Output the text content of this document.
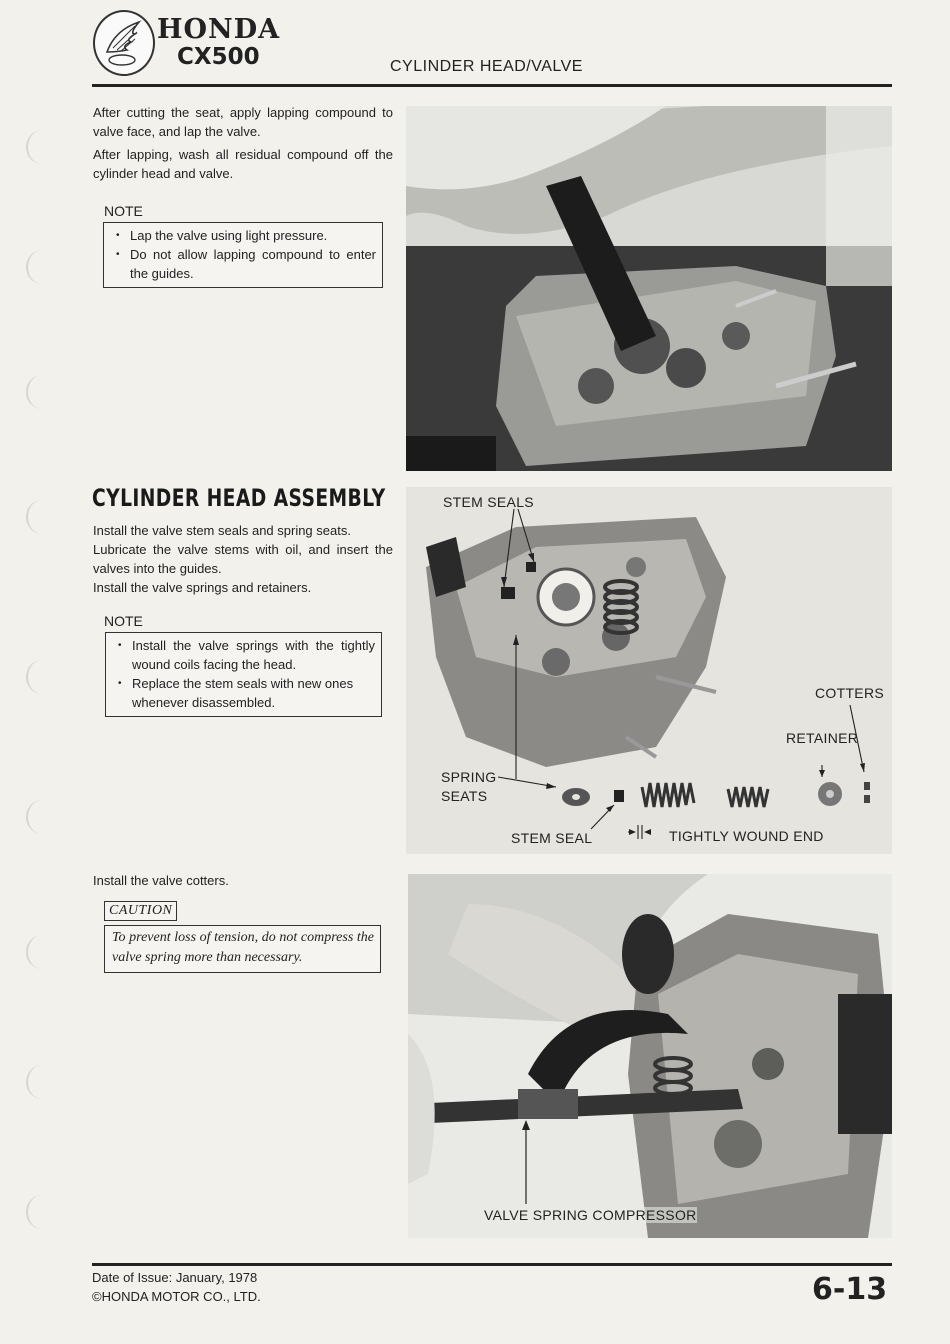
HONDA
CX500	CYLINDER HEAD/VALVE
After cutting the seat, apply lapping compound to valve face, and lap the valve.
After lapping, wash all residual compound off the cylinder head and valve.
NOTE
• Lap the valve using light pressure.
• Do not allow lapping compound to enter the guides.
CYLINDER HEAD ASSEMBLY
Install the valve stem seals and spring seats.
Lubricate the valve stems with oil, and insert the valves into the guides.
Install the valve springs and retainers.
NOTE
• Install the valve springs with the tightly wound coils facing the head.
• Replace the stem seals with new ones whenever disassembled.
STEM SEALS
COTTERS
RETAINER
SPRING
SEATS
STEM SEAL	TIGHTLY WOUND END
Install the valve cotters.
CAUTION
To prevent loss of tension, do not compress the valve spring more than necessary.
VALVE SPRING COMPRESSOR
Date of Issue: January, 1978
©HONDA MOTOR CO., LTD.	6-13
